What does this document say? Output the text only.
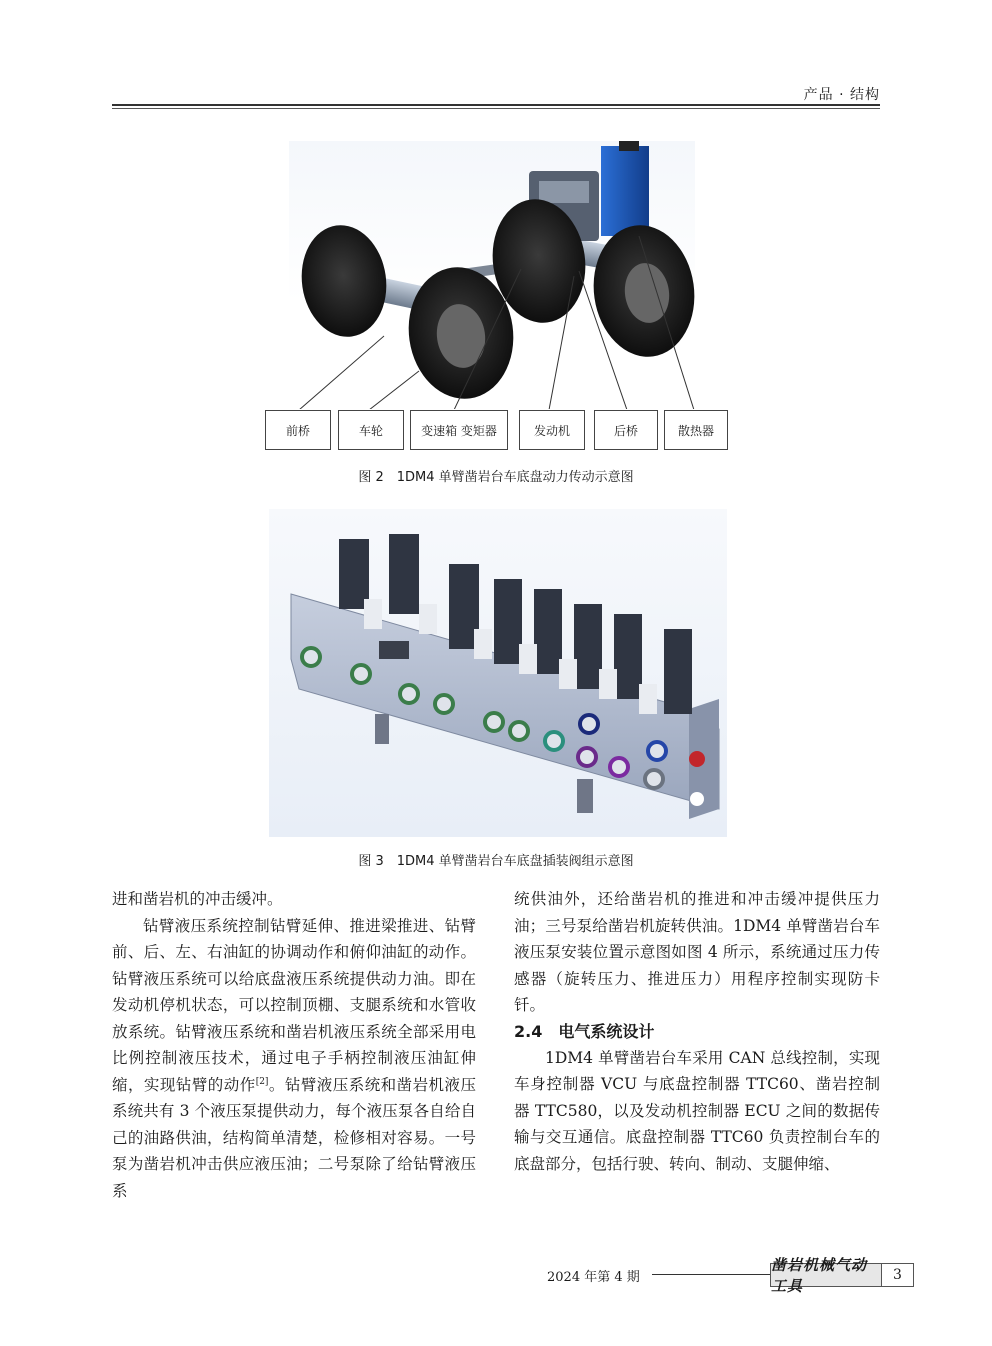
产品 · 结构
前桥	车轮	变速箱 变矩器	发动机	后桥	散热器
图 2　1DM4 单臂凿岩台车底盘动力传动示意图
图 3　1DM4 单臂凿岩台车底盘插装阀组示意图

进和凿岩机的冲击缓冲。

钻臂液压系统控制钻臂延伸、推进梁推进、钻臂前、后、左、右油缸的协调动作和俯仰油缸的动作。钻臂液压系统可以给底盘液压系统提供动力油。即在发动机停机状态，可以控制顶棚、支腿系统和水管收放系统。钻臂液压系统和凿岩机液压系统全部采用电比例控制液压技术，通过电子手柄控制液压油缸伸缩，实现钻臂的动作[2]。钻臂液压系统和凿岩机液压系统共有 3 个液压泵提供动力，每个液压泵各自给自己的油路供油，结构简单清楚，检修相对容易。一号泵为凿岩机冲击供应液压油；二号泵除了给钻臂液压系

统供油外，还给凿岩机的推进和冲击缓冲提供压力油；三号泵给凿岩机旋转供油。1DM4 单臂凿岩台车液压泵安装位置示意图如图 4 所示，系统通过压力传感器（旋转压力、推进压力）用程序控制实现防卡钎。

2.4　电气系统设计

1DM4 单臂凿岩台车采用 CAN 总线控制，实现车身控制器 VCU 与底盘控制器 TTC60、凿岩控制器 TTC580，以及发动机控制器 ECU 之间的数据传输与交互通信。底盘控制器 TTC60 负责控制台车的底盘部分，包括行驶、转向、制动、支腿伸缩、

2024 年第 4 期
凿岩机械气动工具
3
